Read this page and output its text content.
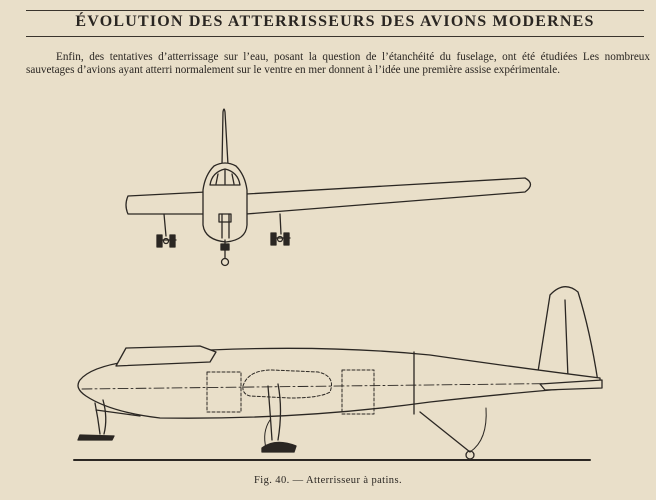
ÉVOLUTION DES ATTERRISSEURS DES AVIONS MODERNES

Enfin, des tentatives d’atterrissage sur l’eau, posant la question de l’étanchéité du fuselage, ont été étudiées Les nombreux sauvetages d’avions ayant atterri normalement sur le ventre en mer donnent à l’idée une première assise expérimentale.

Fig. 40. — Atterrisseur à patins.
